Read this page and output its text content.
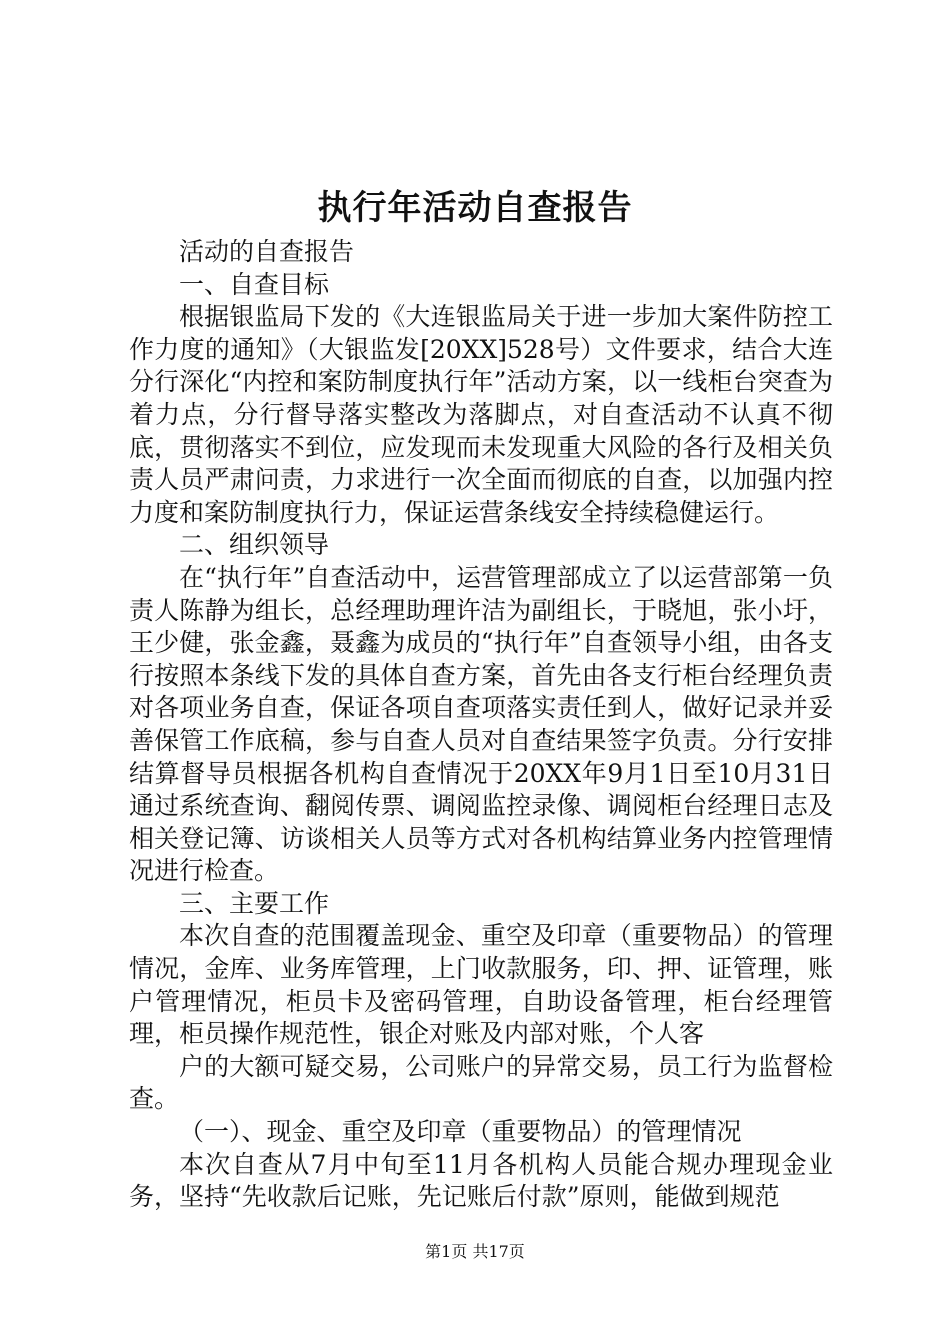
执行年活动自查报告

活动的自查报告

一、自查目标

根据银监局下发的《大连银监局关于进一步加大案件防控工作力度的通知》（大银监发[20XX]528号）文件要求，结合大连分行深化“内控和案防制度执行年”活动方案，以一线柜台突查为着力点，分行督导落实整改为落脚点，对自查活动不认真不彻底，贯彻落实不到位，应发现而未发现重大风险的各行及相关负责人员严肃问责，力求进行一次全面而彻底的自查，以加强内控力度和案防制度执行力，保证运营条线安全持续稳健运行。

二、组织领导

在“执行年”自查活动中，运营管理部成立了以运营部第一负责人陈静为组长，总经理助理许洁为副组长，于晓旭，张小圩，王少健，张金鑫，聂鑫为成员的“执行年”自查领导小组，由各支行按照本条线下发的具体自查方案，首先由各支行柜台经理负责对各项业务自查，保证各项自查项落实责任到人，做好记录并妥善保管工作底稿，参与自查人员对自查结果签字负责。分行安排结算督导员根据各机构自查情况于20XX年9月1日至10月31日通过系统查询、翻阅传票、调阅监控录像、调阅柜台经理日志及相关登记簿、访谈相关人员等方式对各机构结算业务内控管理情况进行检查。

三、主要工作

本次自查的范围覆盖现金、重空及印章（重要物品）的管理情况，金库、业务库管理，上门收款服务，印、押、证管理，账户管理情况，柜员卡及密码管理，自助设备管理，柜台经理管理，柜员操作规范性，银企对账及内部对账，个人客

户的大额可疑交易，公司账户的异常交易，员工行为监督检查。

（一）、现金、重空及印章（重要物品）的管理情况

本次自查从7月中旬至11月各机构人员能合规办理现金业务，坚持“先收款后记账，先记账后付款”原则，能做到规范

第1页 共17页
